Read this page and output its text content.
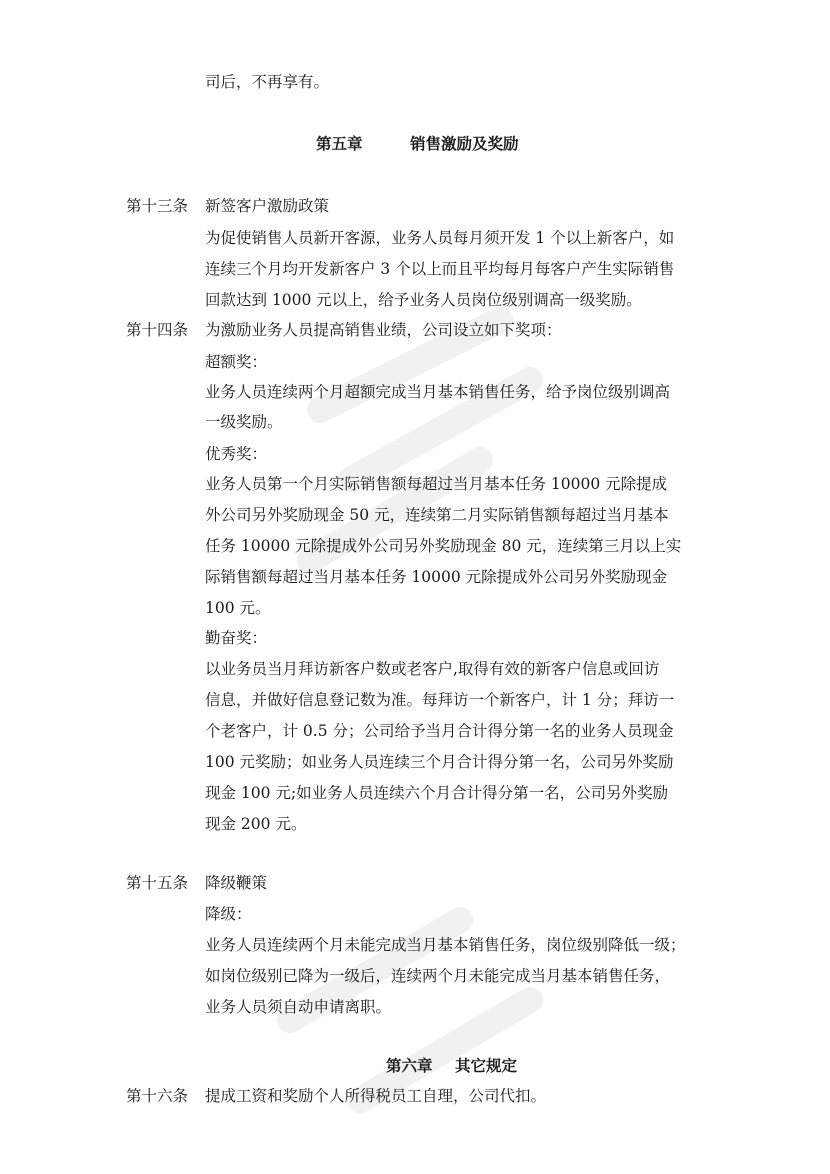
司后，不再享有。
第五章	销售激励及奖励
第十三条 新签客户激励政策
为促使销售人员新开客源，业务人员每月须开发 1 个以上新客户，如
连续三个月均开发新客户 3 个以上而且平均每月每客户产生实际销售
回款达到 1000 元以上，给予业务人员岗位级别调高一级奖励。
第十四条 为激励业务人员提高销售业绩，公司设立如下奖项：
超额奖：
业务人员连续两个月超额完成当月基本销售任务，给予岗位级别调高
一级奖励。
优秀奖：
业务人员第一个月实际销售额每超过当月基本任务 10000 元除提成
外公司另外奖励现金 50 元，连续第二月实际销售额每超过当月基本
任务 10000 元除提成外公司另外奖励现金 80 元，连续第三月以上实
际销售额每超过当月基本任务 10000 元除提成外公司另外奖励现金
100 元。
勤奋奖：
以业务员当月拜访新客户数或老客户,取得有效的新客户信息或回访
信息，并做好信息登记数为准。每拜访一个新客户，计 1 分；拜访一
个老客户，计 0.5 分；公司给予当月合计得分第一名的业务人员现金
100 元奖励；如业务人员连续三个月合计得分第一名，公司另外奖励
现金 100 元;如业务人员连续六个月合计得分第一名，公司另外奖励
现金 200 元。
第十五条 降级鞭策
降级：
业务人员连续两个月未能完成当月基本销售任务，岗位级别降低一级；
如岗位级别已降为一级后，连续两个月未能完成当月基本销售任务，
业务人员须自动申请离职。
第六章 其它规定
第十六条 提成工资和奖励个人所得税员工自理，公司代扣。
